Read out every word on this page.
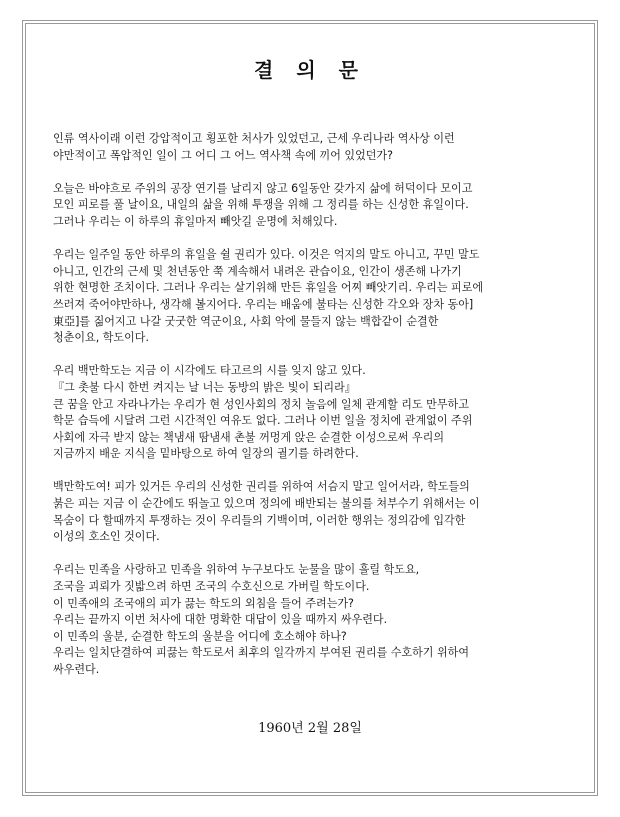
결 의 문

인류 역사이래 이런 강압적이고 횡포한 처사가 있었던고, 근세 우리나라 역사상 이런
야만적이고 폭압적인 일이 그 어디 그 어느 역사책 속에 끼어 있었던가?

오늘은 바야흐로 주위의 공장 연기를 날리지 않고 6일동안 갖가지 삶에 허덕이다 모이고
모인 피로를 풀 날이요, 내일의 삶을 위해 투쟁을 위해 그 정리를 하는 신성한 휴일이다.
그러나 우리는 이 하루의 휴일마저 빼앗길 운명에 처해있다.

우리는 일주일 동안 하루의 휴일을 쉴 권리가 있다. 이것은 억지의 말도 아니고, 꾸민 말도
아니고, 인간의 근세 및 천년동안 쭉 계속해서 내려온 관습이요, 인간이 생존해 나가기
위한 현명한 조치이다. 그러나 우리는 살기위해 만든 휴일을 어찌 빼앗기리. 우리는 피로에
쓰러져 죽어야만하나, 생각해 볼지어다. 우리는 배움에 불타는 신성한 각오와 장차 동아]
東亞]를 짊어지고 나갈 굿굿한 역군이요, 사회 악에 물들지 않는 백합같이 순결한
청춘이요, 학도이다.

우리 백만학도는 지금 이 시각에도 타고르의 시를 잊지 않고 있다.
『그 촛불 다시 한번 켜지는 날 너는 동방의 밝은 빛이 되리라』
큰 꿈을 안고 자라나가는 우리가 현 성인사회의 정치 놀음에 일체 관계할 리도 만무하고
학문 습득에 시달려 그런 시간적인 여유도 없다. 그러나 이번 일을 정치에 관계없이 주위
사회에 자극 받지 않는 책냄새 땀냄새 촌불 꺼멍게 앉은 순결한 이성으로써 우리의
지금까지 배운 지식을 밑바탕으로 하여 일장의 궐기를 하려한다.

백만학도여! 피가 있거든 우리의 신성한 권리를 위하여 서슴지 말고 일어서라, 학도들의
붉은 피는 지금 이 순간에도 뛰놀고 있으며 정의에 배반되는 불의를 쳐부수기 위해서는 이
목숨이 다 할때까지 투쟁하는 것이 우리들의 기백이며, 이러한 행위는 정의감에 입각한
이성의 호소인 것이다.

우리는 민족을 사랑하고 민족을 위하여 누구보다도 눈물을 많이 흘릴 학도요,
조국을 괴뢰가 짓밟으려 하면 조국의 수호신으로 가버릴 학도이다.
이 민족애의 조국애의 피가 끓는 학도의 외침을 들어 주려는가?
우리는 끝까지 이번 처사에 대한 명확한 대답이 있을 때까지 싸우련다.
이 민족의 울분, 순결한 학도의 울분을 어디에 호소해야 하나?
우리는 일치단결하여 피끓는 학도로서 최후의 일각까지 부여된 권리를 수호하기 위하여
싸우련다.

1960년 2월 28일
